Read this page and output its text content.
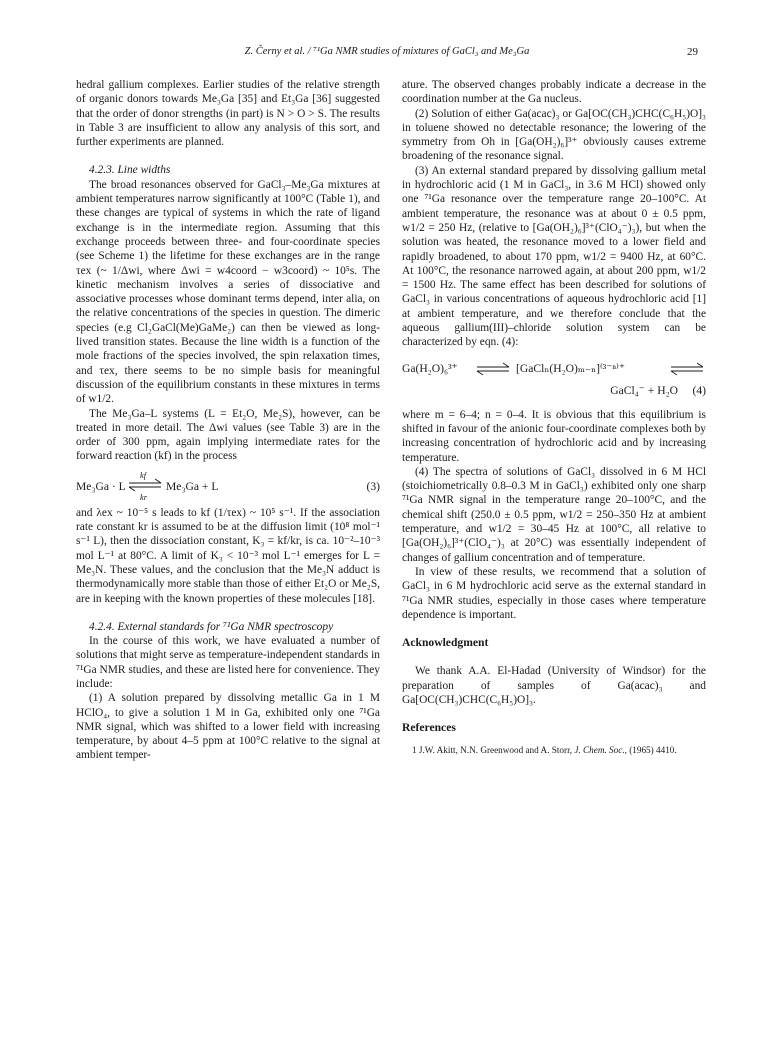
Z. Černy et al. / ⁷¹Ga NMR studies of mixtures of GaCl₃ and Me₃Ga	29

hedral gallium complexes. Earlier studies of the relative strength of organic donors towards Me₃Ga [35] and Et₃Ga [36] suggested that the order of donor strengths (in part) is N > O > S. The results in Table 3 are insufficient to allow any analysis of this sort, and further experiments are planned.

4.2.3. Line widths

The broad resonances observed for GaCl₃–Me₃Ga mixtures at ambient temperatures narrow significantly at 100°C (Table 1), and these changes are typical of systems in which the rate of ligand exchange is in the intermediate region. Assuming that this exchange proceeds between three- and four-coordinate species (see Scheme 1) the lifetime for these exchanges are in the range τex (~ 1/Δwi, where Δwi = w4coord − w3coord) ~ 10⁵s. The kinetic mechanism involves a series of dissociative and associative processes whose dominant terms depend, inter alia, on the relative concentrations of the species in question. The dimeric species (e.g Cl₂GaCl(Me)GaMe₂) can then be viewed as long-lived transition states. Because the line width is a function of the mole fractions of the species involved, the spin relaxation times, and τex, there seems to be no simple basis for meaningful discussion of the equilibrium constants in these mixtures in terms of w1/2.

The Me₃Ga–L systems (L = Et₂O, Me₂S), however, can be treated in more detail. The Δwi values (see Table 3) are in the order of 300 ppm, again implying intermediate rates for the forward reaction (kf) in the process

Me₃Ga · L ⇌
kf
kr
Me₃Ga + L	(3)

and λex ~ 10⁻⁵ s leads to kf (1/τex) ~ 10⁵ s⁻¹. If the association rate constant kr is assumed to be at the diffusion limit (10⁸ mol⁻¹ s⁻¹ L), then the dissociation constant, K₃ = kf/kr, is ca. 10⁻²–10⁻³ mol L⁻¹ at 80°C. A limit of K₃ < 10⁻³ mol L⁻¹ emerges for L = Me₃N. These values, and the conclusion that the Me₃N adduct is thermodynamically more stable than those of either Et₂O or Me₂S, are in keeping with the known properties of these molecules [18].

4.2.4. External standards for ⁷¹Ga NMR spectroscopy

In the course of this work, we have evaluated a number of solutions that might serve as temperature-independent standards in ⁷¹Ga NMR studies, and these are listed here for convenience. They include:

(1) A solution prepared by dissolving metallic Ga in 1 M HClO₄, to give a solution 1 M in Ga, exhibited only one ⁷¹Ga NMR signal, which was shifted to a lower field with increasing temperature, by about 4–5 ppm at 100°C relative to the signal at ambient temper-

ature. The observed changes probably indicate a decrease in the coordination number at the Ga nucleus.

(2) Solution of either Ga(acac)₃ or Ga[OC(CH₃)CHC(C₆H₅)O]₃ in toluene showed no detectable resonance; the lowering of the symmetry from Oh in [Ga(OH₂)₆]³⁺ obviously causes extreme broadening of the resonance signal.

(3) An external standard prepared by dissolving gallium metal in hydrochloric acid (1 M in GaCl₃, in 3.6 M HCl) showed only one ⁷¹Ga resonance over the temperature range 20–100°C. At ambient temperature, the resonance was at about 0 ± 0.5 ppm, w1/2 = 250 Hz, (relative to [Ga(OH₂)₆]³⁺(ClO₄⁻)₃), but when the solution was heated, the resonance moved to a lower field and rapidly broadened, to about 170 ppm, w1/2 = 9400 Hz, at 60°C. At 100°C, the resonance narrowed again, at about 200 ppm, w1/2 = 1500 Hz. The same effect has been described for solutions of GaCl₃ in various concentrations of aqueous hydrochloric acid [1] at ambient temperature, and we therefore conclude that the aqueous gallium(III)–chloride solution system can be characterized by eqn. (4):

Ga(H₂O)₆³⁺ ⇌ [GaClₙ(H₂O)ₘ₋ₙ]⁽³⁻ⁿ⁾⁺
GaCl₄⁻ + H₂O (4)

where m = 6–4; n = 0–4. It is obvious that this equilibrium is shifted in favour of the anionic four-coordinate complexes both by increasing concentration of hydrochloric acid and by increasing temperature.

(4) The spectra of solutions of GaCl₃ dissolved in 6 M HCl (stoichiometrically 0.8–0.3 M in GaCl₃) exhibited only one sharp ⁷¹Ga NMR signal in the temperature range 20–100°C, and the chemical shift (250.0 ± 0.5 ppm, w1/2 = 250–350 Hz at ambient temperature, and w1/2 = 30–45 Hz at 100°C, all relative to [Ga(OH₂)₆]³⁺(ClO₄⁻)₃ at 20°C) was essentially independent of changes of gallium concentration and of temperature.

In view of these results, we recommend that a solution of GaCl₃ in 6 M hydrochloric acid serve as the external standard in ⁷¹Ga NMR studies, especially in those cases where temperature dependence is important.

Acknowledgment

We thank A.A. El-Hadad (University of Windsor) for the preparation of samples of Ga(acac)₃ and Ga[OC(CH₃)CHC(C₆H₅)O]₃.

References

1 J.W. Akitt, N.N. Greenwood and A. Storr, J. Chem. Soc., (1965) 4410.
